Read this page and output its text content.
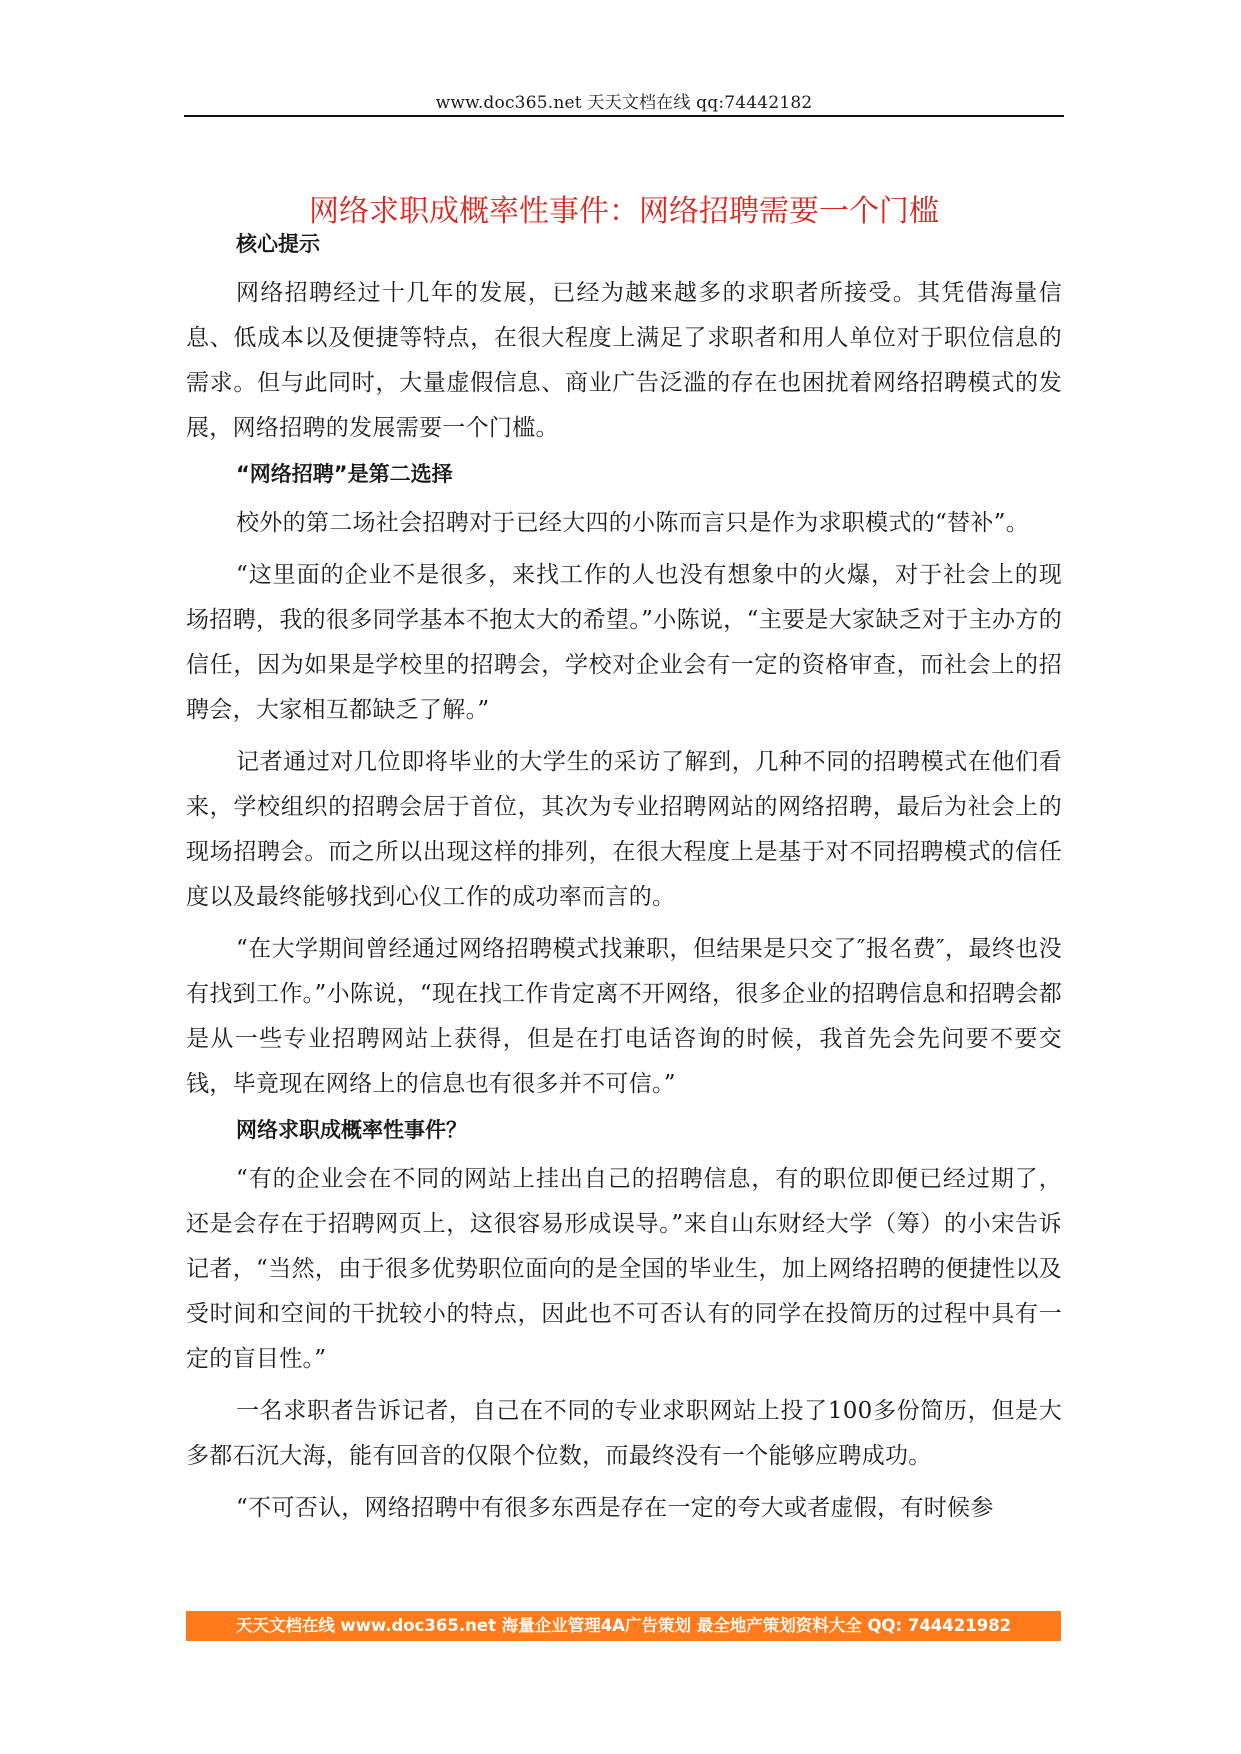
www.doc365.net 天天文档在线 qq:74442182
网络求职成概率性事件：网络招聘需要一个门槛
核心提示

网络招聘经过十几年的发展，已经为越来越多的求职者所接受。其凭借海量信息、低成本以及便捷等特点，在很大程度上满足了求职者和用人单位对于职位信息的需求。但与此同时，大量虚假信息、商业广告泛滥的存在也困扰着网络招聘模式的发展，网络招聘的发展需要一个门槛。

“网络招聘”是第二选择

校外的第二场社会招聘对于已经大四的小陈而言只是作为求职模式的“替补”。

“这里面的企业不是很多，来找工作的人也没有想象中的火爆，对于社会上的现场招聘，我的很多同学基本不抱太大的希望。”小陈说，“主要是大家缺乏对于主办方的信任，因为如果是学校里的招聘会，学校对企业会有一定的资格审查，而社会上的招聘会，大家相互都缺乏了解。”

记者通过对几位即将毕业的大学生的采访了解到，几种不同的招聘模式在他们看来，学校组织的招聘会居于首位，其次为专业招聘网站的网络招聘，最后为社会上的现场招聘会。而之所以出现这样的排列，在很大程度上是基于对不同招聘模式的信任度以及最终能够找到心仪工作的成功率而言的。

“在大学期间曾经通过网络招聘模式找兼职，但结果是只交了″报名费″，最终也没有找到工作。”小陈说，“现在找工作肯定离不开网络，很多企业的招聘信息和招聘会都是从一些专业招聘网站上获得，但是在打电话咨询的时候，我首先会先问要不要交钱，毕竟现在网络上的信息也有很多并不可信。”

网络求职成概率性事件？

“有的企业会在不同的网站上挂出自己的招聘信息，有的职位即便已经过期了，还是会存在于招聘网页上，这很容易形成误导。”来自山东财经大学（筹）的小宋告诉记者，“当然，由于很多优势职位面向的是全国的毕业生，加上网络招聘的便捷性以及受时间和空间的干扰较小的特点，因此也不可否认有的同学在投简历的过程中具有一定的盲目性。”

一名求职者告诉记者，自己在不同的专业求职网站上投了100多份简历，但是大多都石沉大海，能有回音的仅限个位数，而最终没有一个能够应聘成功。

“不可否认，网络招聘中有很多东西是存在一定的夸大或者虚假，有时候参

天天文档在线 www.doc365.net 海量企业管理4A广告策划 最全地产策划资料大全 QQ: 744421982
